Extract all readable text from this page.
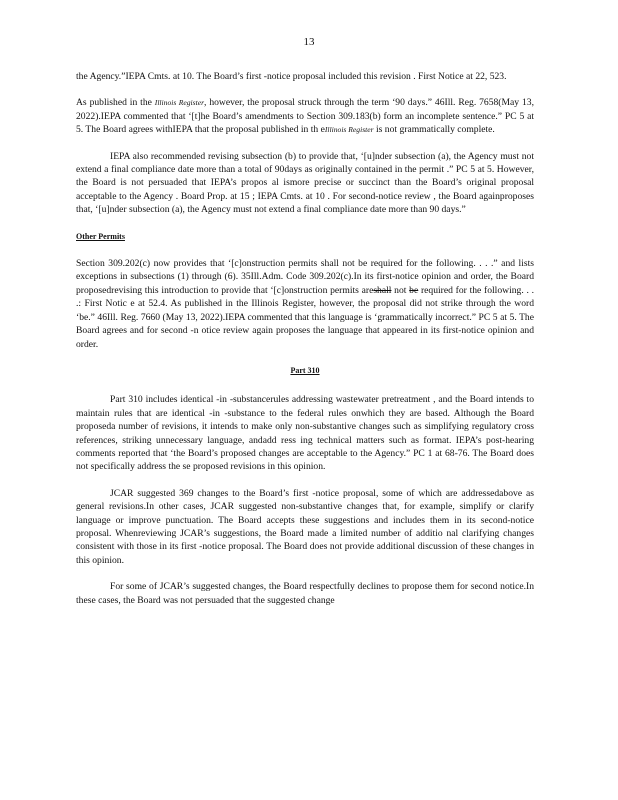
13

the Agency.”IEPA Cmts. at 10. The Board’s first -notice proposal included this revision . First Notice at 22, 523.

As published in the Illinois Register, however, the proposal struck through the term ‘90 days.” 46Ill. Reg. 7658(May 13, 2022).IEPA commented that ‘[t]he Board’s amendments to Section 309.183(b) form an incomplete sentence.” PC 5 at 5. The Board agrees withIEPA that the proposal published in th eIllinois Register is not grammatically complete.

IEPA also recommended revising subsection (b) to provide that, ‘[u]nder subsection (a), the Agency must not extend a final compliance date more than a total of 90days as originally contained in the permit .” PC 5 at 5. However, the Board is not persuaded that IEPA’s propos al ismore precise or succinct than the Board’s original proposal acceptable to the Agency . Board Prop. at 15 ; IEPA Cmts. at 10 . For second-notice review , the Board againproposes that, ‘[u]nder subsection (a), the Agency must not extend a final compliance date more than 90 days.”

Other Permits

Section 309.202(c) now provides that ‘[c]onstruction permits shall not be required for the following. . . .” and lists exceptions in subsections (1) through (6). 35Ill.Adm. Code 309.202(c).In its first-notice opinion and order, the Board proposedrevising this introduction to provide that ‘[c]onstruction permits areshall not be required for the following. . . .: First Notic e at 52.4. As published in the Illinois Register, however, the proposal did not strike through the word ‘be.” 46Ill. Reg. 7660 (May 13, 2022).IEPA commented that this language is ‘grammatically incorrect.” PC 5 at 5. The Board agrees and for second -n otice review again proposes the language that appeared in its first-notice opinion and order.

Part 310

Part 310 includes identical -in -substancerules addressing wastewater pretreatment , and the Board intends to maintain rules that are identical -in -substance to the federal rules onwhich they are based. Although the Board proposeda number of revisions, it intends to make only non-substantive changes such as simplifying regulatory cross references, striking unnecessary language, andadd ress ing technical matters such as format. IEPA’s post-hearing comments reported that ‘the Board’s proposed changes are acceptable to the Agency.” PC 1 at 68-76. The Board does not specifically address the se proposed revisions in this opinion.

JCAR suggested 369 changes to the Board’s first -notice proposal, some of which are addressedabove as general revisions.In other cases, JCAR suggested non-substantive changes that, for example, simplify or clarify language or improve punctuation. The Board accepts these suggestions and includes them in its second-notice proposal. Whenreviewing JCAR’s suggestions, the Board made a limited number of additio nal clarifying changes consistent with those in its first -notice proposal. The Board does not provide additional discussion of these changes in this opinion.

For some of JCAR’s suggested changes, the Board respectfully declines to propose them for second notice.In these cases, the Board was not persuaded that the suggested change
